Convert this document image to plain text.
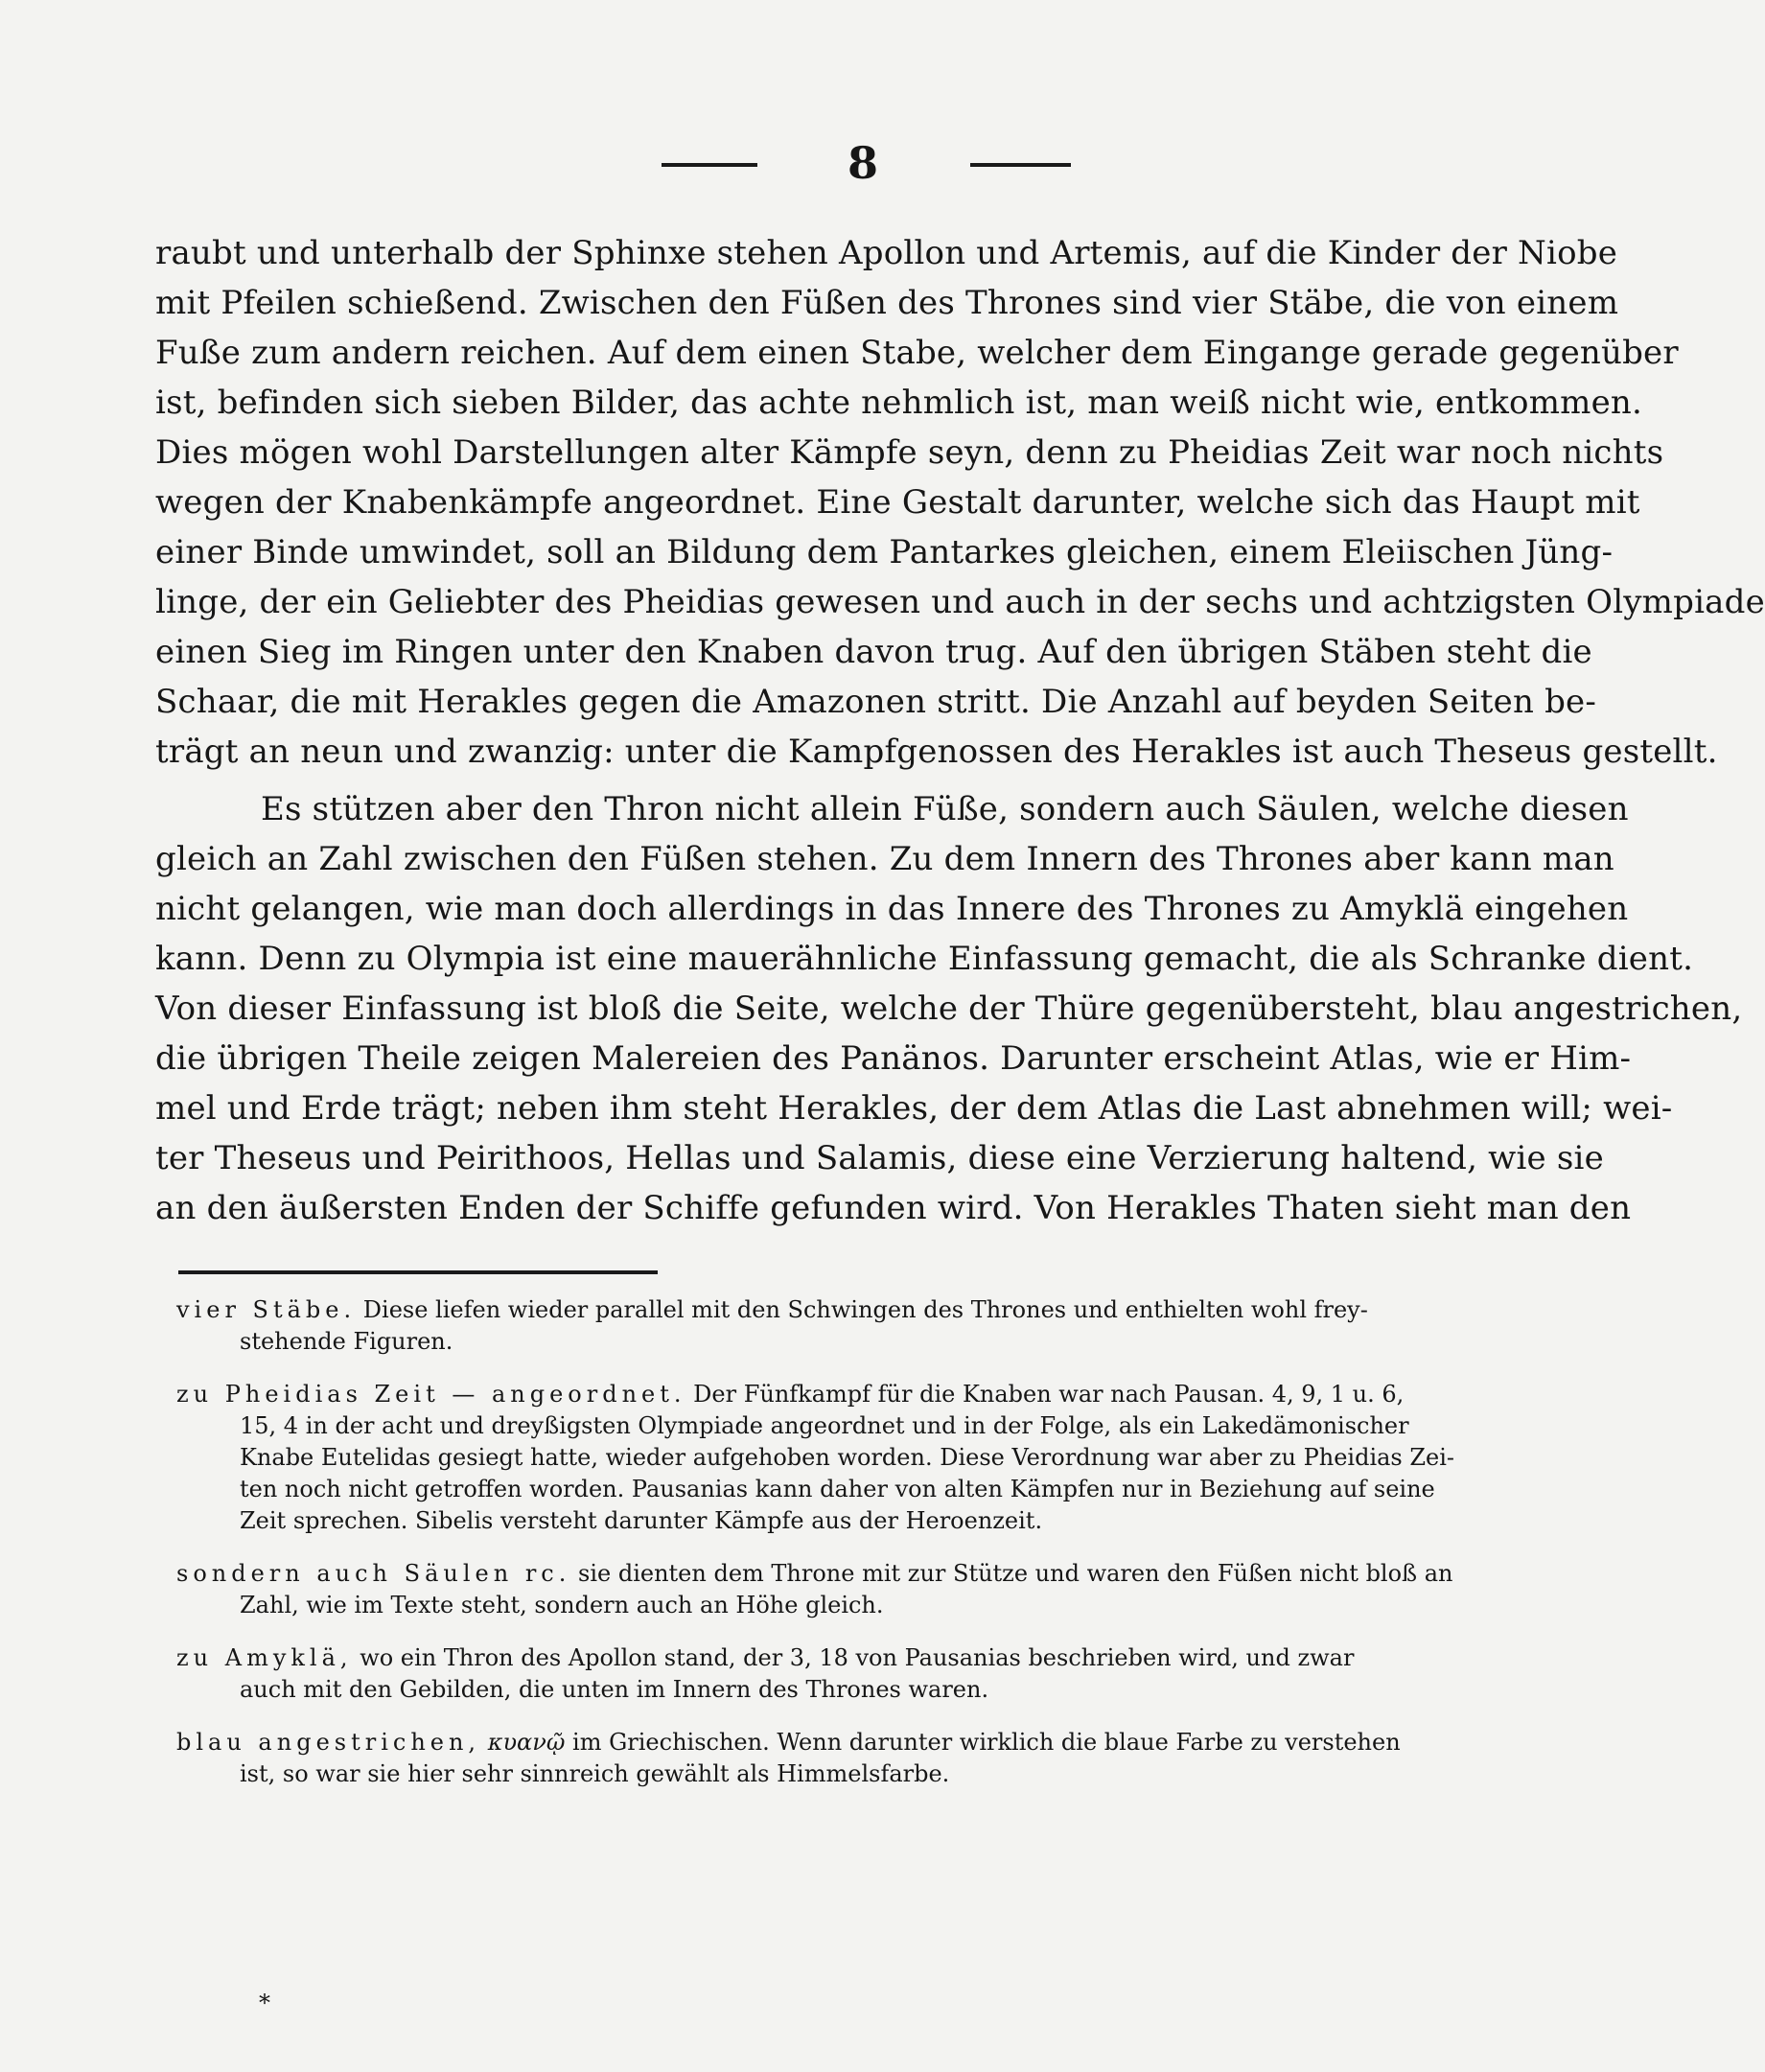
8
raubt und unterhalb der Sphinxe stehen Apollon und Artemis, auf die Kinder der Niobe
mit Pfeilen schießend. Zwischen den Füßen des Thrones sind vier Stäbe, die von einem
Fuße zum andern reichen. Auf dem einen Stabe, welcher dem Eingange gerade gegenüber
ist, befinden sich sieben Bilder, das achte nehmlich ist, man weiß nicht wie, entkommen.
Dies mögen wohl Darstellungen alter Kämpfe seyn, denn zu Pheidias Zeit war noch nichts
wegen der Knabenkämpfe angeordnet. Eine Gestalt darunter, welche sich das Haupt mit
einer Binde umwindet, soll an Bildung dem Pantarkes gleichen, einem Eleiischen Jüng-
linge, der ein Geliebter des Pheidias gewesen und auch in der sechs und achtzigsten Olympiade
einen Sieg im Ringen unter den Knaben davon trug. Auf den übrigen Stäben steht die
Schaar, die mit Herakles gegen die Amazonen stritt. Die Anzahl auf beyden Seiten be-
trägt an neun und zwanzig: unter die Kampfgenossen des Herakles ist auch Theseus gestellt.
Es stützen aber den Thron nicht allein Füße, sondern auch Säulen, welche diesen
gleich an Zahl zwischen den Füßen stehen. Zu dem Innern des Thrones aber kann man
nicht gelangen, wie man doch allerdings in das Innere des Thrones zu Amyklä eingehen
kann. Denn zu Olympia ist eine mauerähnliche Einfassung gemacht, die als Schranke dient.
Von dieser Einfassung ist bloß die Seite, welche der Thüre gegenübersteht, blau angestrichen,
die übrigen Theile zeigen Malereien des Panänos. Darunter erscheint Atlas, wie er Him-
mel und Erde trägt; neben ihm steht Herakles, der dem Atlas die Last abnehmen will; wei-
ter Theseus und Peirithoos, Hellas und Salamis, diese eine Verzierung haltend, wie sie
an den äußersten Enden der Schiffe gefunden wird. Von Herakles Thaten sieht man den
vier Stäbe. Diese liefen wieder parallel mit den Schwingen des Thrones und enthielten wohl frey-
stehende Figuren.
zu Pheidias Zeit — angeordnet. Der Fünfkampf für die Knaben war nach Pausan. 4, 9, 1 u. 6,
15, 4 in der acht und dreyßigsten Olympiade angeordnet und in der Folge, als ein Lakedämonischer
Knabe Eutelidas gesiegt hatte, wieder aufgehoben worden. Diese Verordnung war aber zu Pheidias Zei-
ten noch nicht getroffen worden. Pausanias kann daher von alten Kämpfen nur in Beziehung auf seine
Zeit sprechen. Sibelis versteht darunter Kämpfe aus der Heroenzeit.
sondern auch Säulen rc. sie dienten dem Throne mit zur Stütze und waren den Füßen nicht bloß an
Zahl, wie im Texte steht, sondern auch an Höhe gleich.
zu Amyklä, wo ein Thron des Apollon stand, der 3, 18 von Pausanias beschrieben wird, und zwar
auch mit den Gebilden, die unten im Innern des Thrones waren.
blau angestrichen, κυανῷ im Griechischen. Wenn darunter wirklich die blaue Farbe zu verstehen
ist, so war sie hier sehr sinnreich gewählt als Himmelsfarbe.
*
